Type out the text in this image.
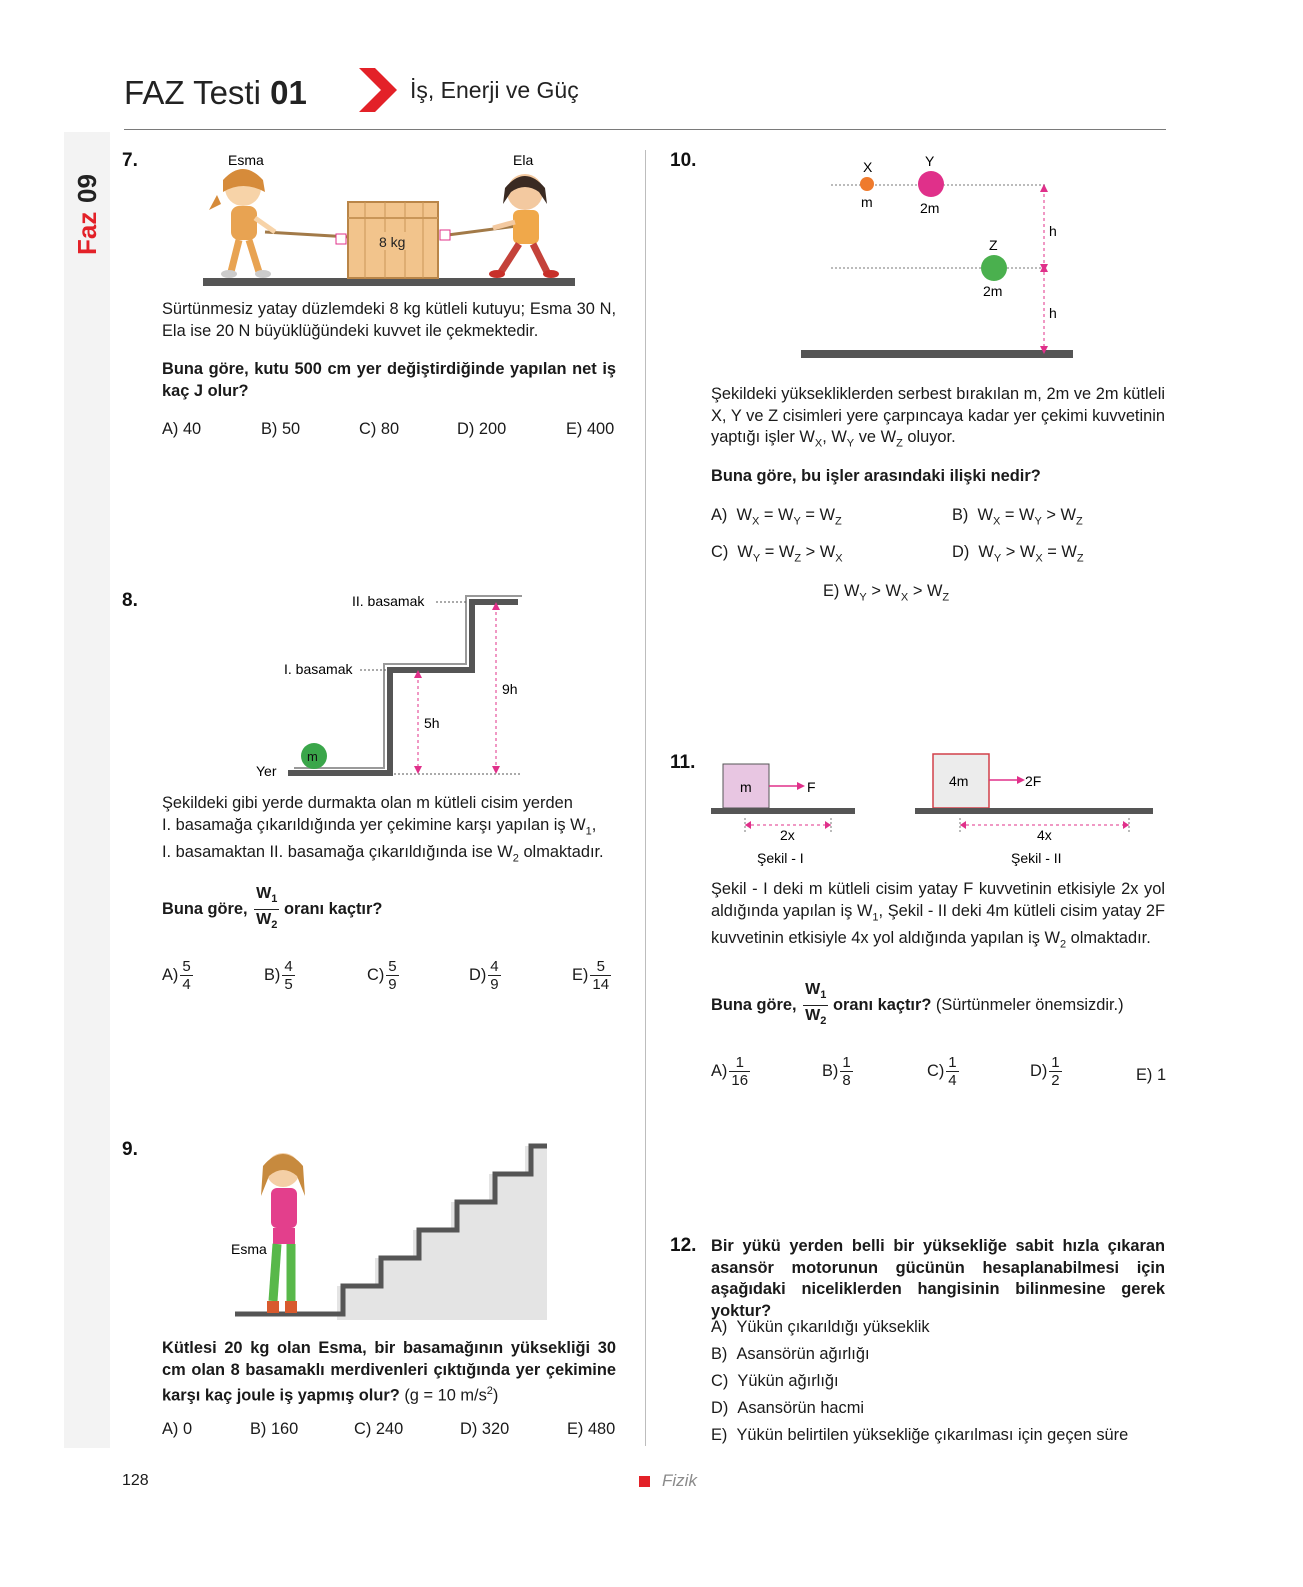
Faz
09
FAZ Testi 01	İş, Enerji ve Güç
7.	Esma	Ela
8 kg
Sürtünmesiz yatay düzlemdeki 8 kg kütleli kutuyu; Esma 30 N, Ela ise 20 N büyüklüğündeki kuvvet ile çekmektedir.
Buna göre, kutu 500 cm yer değiştirdiğinde yapılan net iş kaç J olur?
A) 40	B) 50	C) 80	D) 200	E) 400
8.	II. basamak
I. basamak
Yer
m
5h
9h
Şekildeki gibi yerde durmakta olan m kütleli cisim yerden
I. basamağa çıkarıldığında yer çekimine karşı yapılan iş $W_1$,
I. basamaktan II. basamağa çıkarıldığında ise $W_2$ olmaktadır.
Buna göre, $\frac{W_1}{W_2}$ oranı kaçtır?
$A) \frac{5}{4}$	$B) \frac{4}{5}$	$C) \frac{5}{9}$	$D) \frac{4}{9}$	$E) \frac{5}{14}$
9.
Esma
Kütlesi 20 kg olan Esma, bir basamağının yüksekliği 30 cm olan 8 basamaklı merdivenleri çıktığında yer çekimine karşı kaç joule iş yapmış olur? (g = 10 $m/s^2$)
A) 0	B) 160	C) 240	D) 320	E) 480
10.	X
m
Y
2m
Z
2m
h
h
Şekildeki yüksekliklerden serbest bırakılan m, 2m ve 2m kütleli X, Y ve Z cisimleri yere çarpıncaya kadar yer çekimi kuvvetinin yaptığı işler $W_X$, $W_Y$ ve $W_Z$ oluyor.
Buna göre, bu işler arasındaki ilişki nedir?
A)  $W_X = W_Y = W_Z$	B)  $W_X = W_Y > W_Z$
C)  $W_Y = W_Z > W_X$	D)  $W_Y > W_X = W_Z$
E) $W_Y > W_X > W_Z$
11.
m	F
2x
Şekil - I
4m	2F
4x
Şekil - II
Şekil - I deki m kütleli cisim yatay F kuvvetinin etkisiyle 2x yol aldığında yapılan iş $W_1$, Şekil - II deki 4m kütleli cisim yatay 2F kuvvetinin etkisiyle 4x yol aldığında yapılan iş $W_2$ olmaktadır.
Buna göre, $\frac{W_1}{W_2}$ oranı kaçtır? (Sürtünmeler önemsizdir.)
$A) \frac{1}{16}$	$B) \frac{1}{8}$	$C) \frac{1}{4}$	$D) \frac{1}{2}$	E) 1
12. Bir yükü yerden belli bir yüksekliğe sabit hızla çıkaran asansör motorunun gücünün hesaplanabilmesi için aşağıdaki niceliklerden hangisinin bilinmesine gerek yoktur?
A) Yükün çıkarıldığı yükseklik
B) Asansörün ağırlığı
C) Yükün ağırlığı
D) Asansörün hacmi
E) Yükün belirtilen yüksekliğe çıkarılması için geçen süre
128	Fizik
